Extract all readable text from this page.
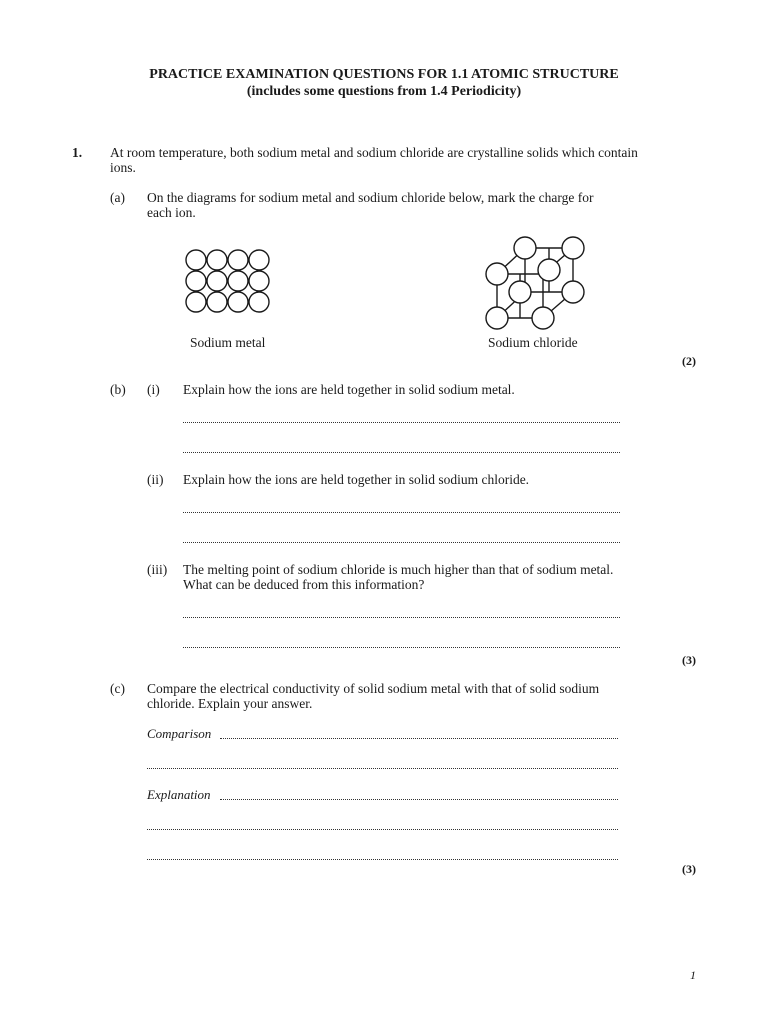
PRACTICE EXAMINATION QUESTIONS FOR 1.1 ATOMIC STRUCTURE
(includes some questions from 1.4 Periodicity)
1. At room temperature, both sodium metal and sodium chloride are crystalline solids which contain
ions.
(a) On the diagrams for sodium metal and sodium chloride below, mark the charge for
each ion.
Sodium metal	Sodium chloride
(2)
(b) (i) Explain how the ions are held together in solid sodium metal.
(ii) Explain how the ions are held together in solid sodium chloride.
(iii) The melting point of sodium chloride is much higher than that of sodium metal.
What can be deduced from this information?
(3)
(c) Compare the electrical conductivity of solid sodium metal with that of solid sodium
chloride. Explain your answer.
Comparison
Explanation
(3)
1
